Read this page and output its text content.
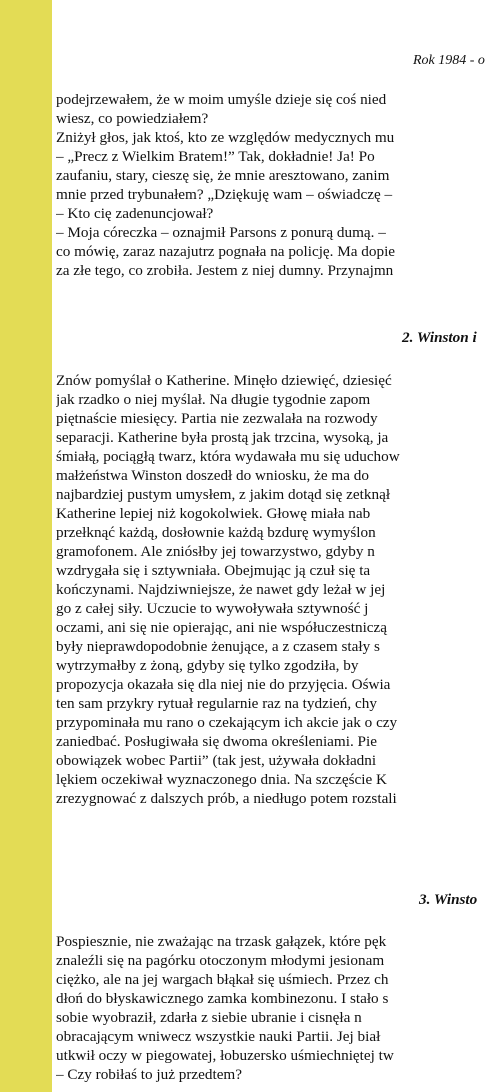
Rok 1984 - o
podejrzewałem, że w moim umyśle dzieje się coś nied
wiesz, co powiedziałem?
Zniżył głos, jak ktoś, kto ze względów medycznych mu
– „Precz z Wielkim Bratem!” Tak, dokładnie! Ja! Po
zaufaniu, stary, cieszę się, że mnie aresztowano, zanim
mnie przed trybunałem? „Dziękuję wam – oświadczę –
– Kto cię zadenuncjował?
– Moja córeczka – oznajmił Parsons z ponurą dumą. –
co mówię, zaraz nazajutrz pognała na policję. Ma dopie
za złe tego, co zrobiła. Jestem z niej dumny. Przynajmn
2. Winston i
Znów pomyślał o Katherine. Minęło dziewięć, dziesięć
jak rzadko o niej myślał. Na długie tygodnie zapom
piętnaście miesięcy. Partia nie zezwalała na rozwody
separacji. Katherine była prostą jak trzcina, wysoką, ja
śmiałą, pociągłą twarz, która wydawała mu się uduchow
małżeństwa Winston doszedł do wniosku, że ma do
najbardziej pustym umysłem, z jakim dotąd się zetknął
Katherine lepiej niż kogokolwiek. Głowę miała nab
przełknąć każdą, dosłownie każdą bzdurę wymyślon
gramofonem. Ale zniósłby jej towarzystwo, gdyby n
wzdrygała się i sztywniała. Obejmując ją czuł się ta
kończynami. Najdziwniejsze, że nawet gdy leżał w jej
go z całej siły. Uczucie to wywoływała sztywność j
oczami, ani się nie opierając, ani nie współuczestniczą
były nieprawdopodobnie żenujące, a z czasem stały s
wytrzymałby z żoną, gdyby się tylko zgodziła, by
propozycja okazała się dla niej nie do przyjęcia. Oświa
ten sam przykry rytuał regularnie raz na tydzień, chy
przypominała mu rano o czekającym ich akcie jak o czy
zaniedbać. Posługiwała się dwoma określeniami. Pie
obowiązek wobec Partii” (tak jest, używała dokładni
lękiem oczekiwał wyznaczonego dnia. Na szczęście K
zrezygnować z dalszych prób, a niedługo potem rozstali
3. Winsto
Pospiesznie, nie zważając na trzask gałązek, które pęk
znaleźli się na pagórku otoczonym młodymi jesionam
ciężko, ale na jej wargach błąkał się uśmiech. Przez ch
dłoń do błyskawicznego zamka kombinezonu. I stało s
sobie wyobraził, zdarła z siebie ubranie i cisnęła n
obracającym wniwecz wszystkie nauki Partii. Jej biał
utkwił oczy w piegowatej, łobuzersko uśmiechniętej tw
– Czy robiłaś to już przedtem?
